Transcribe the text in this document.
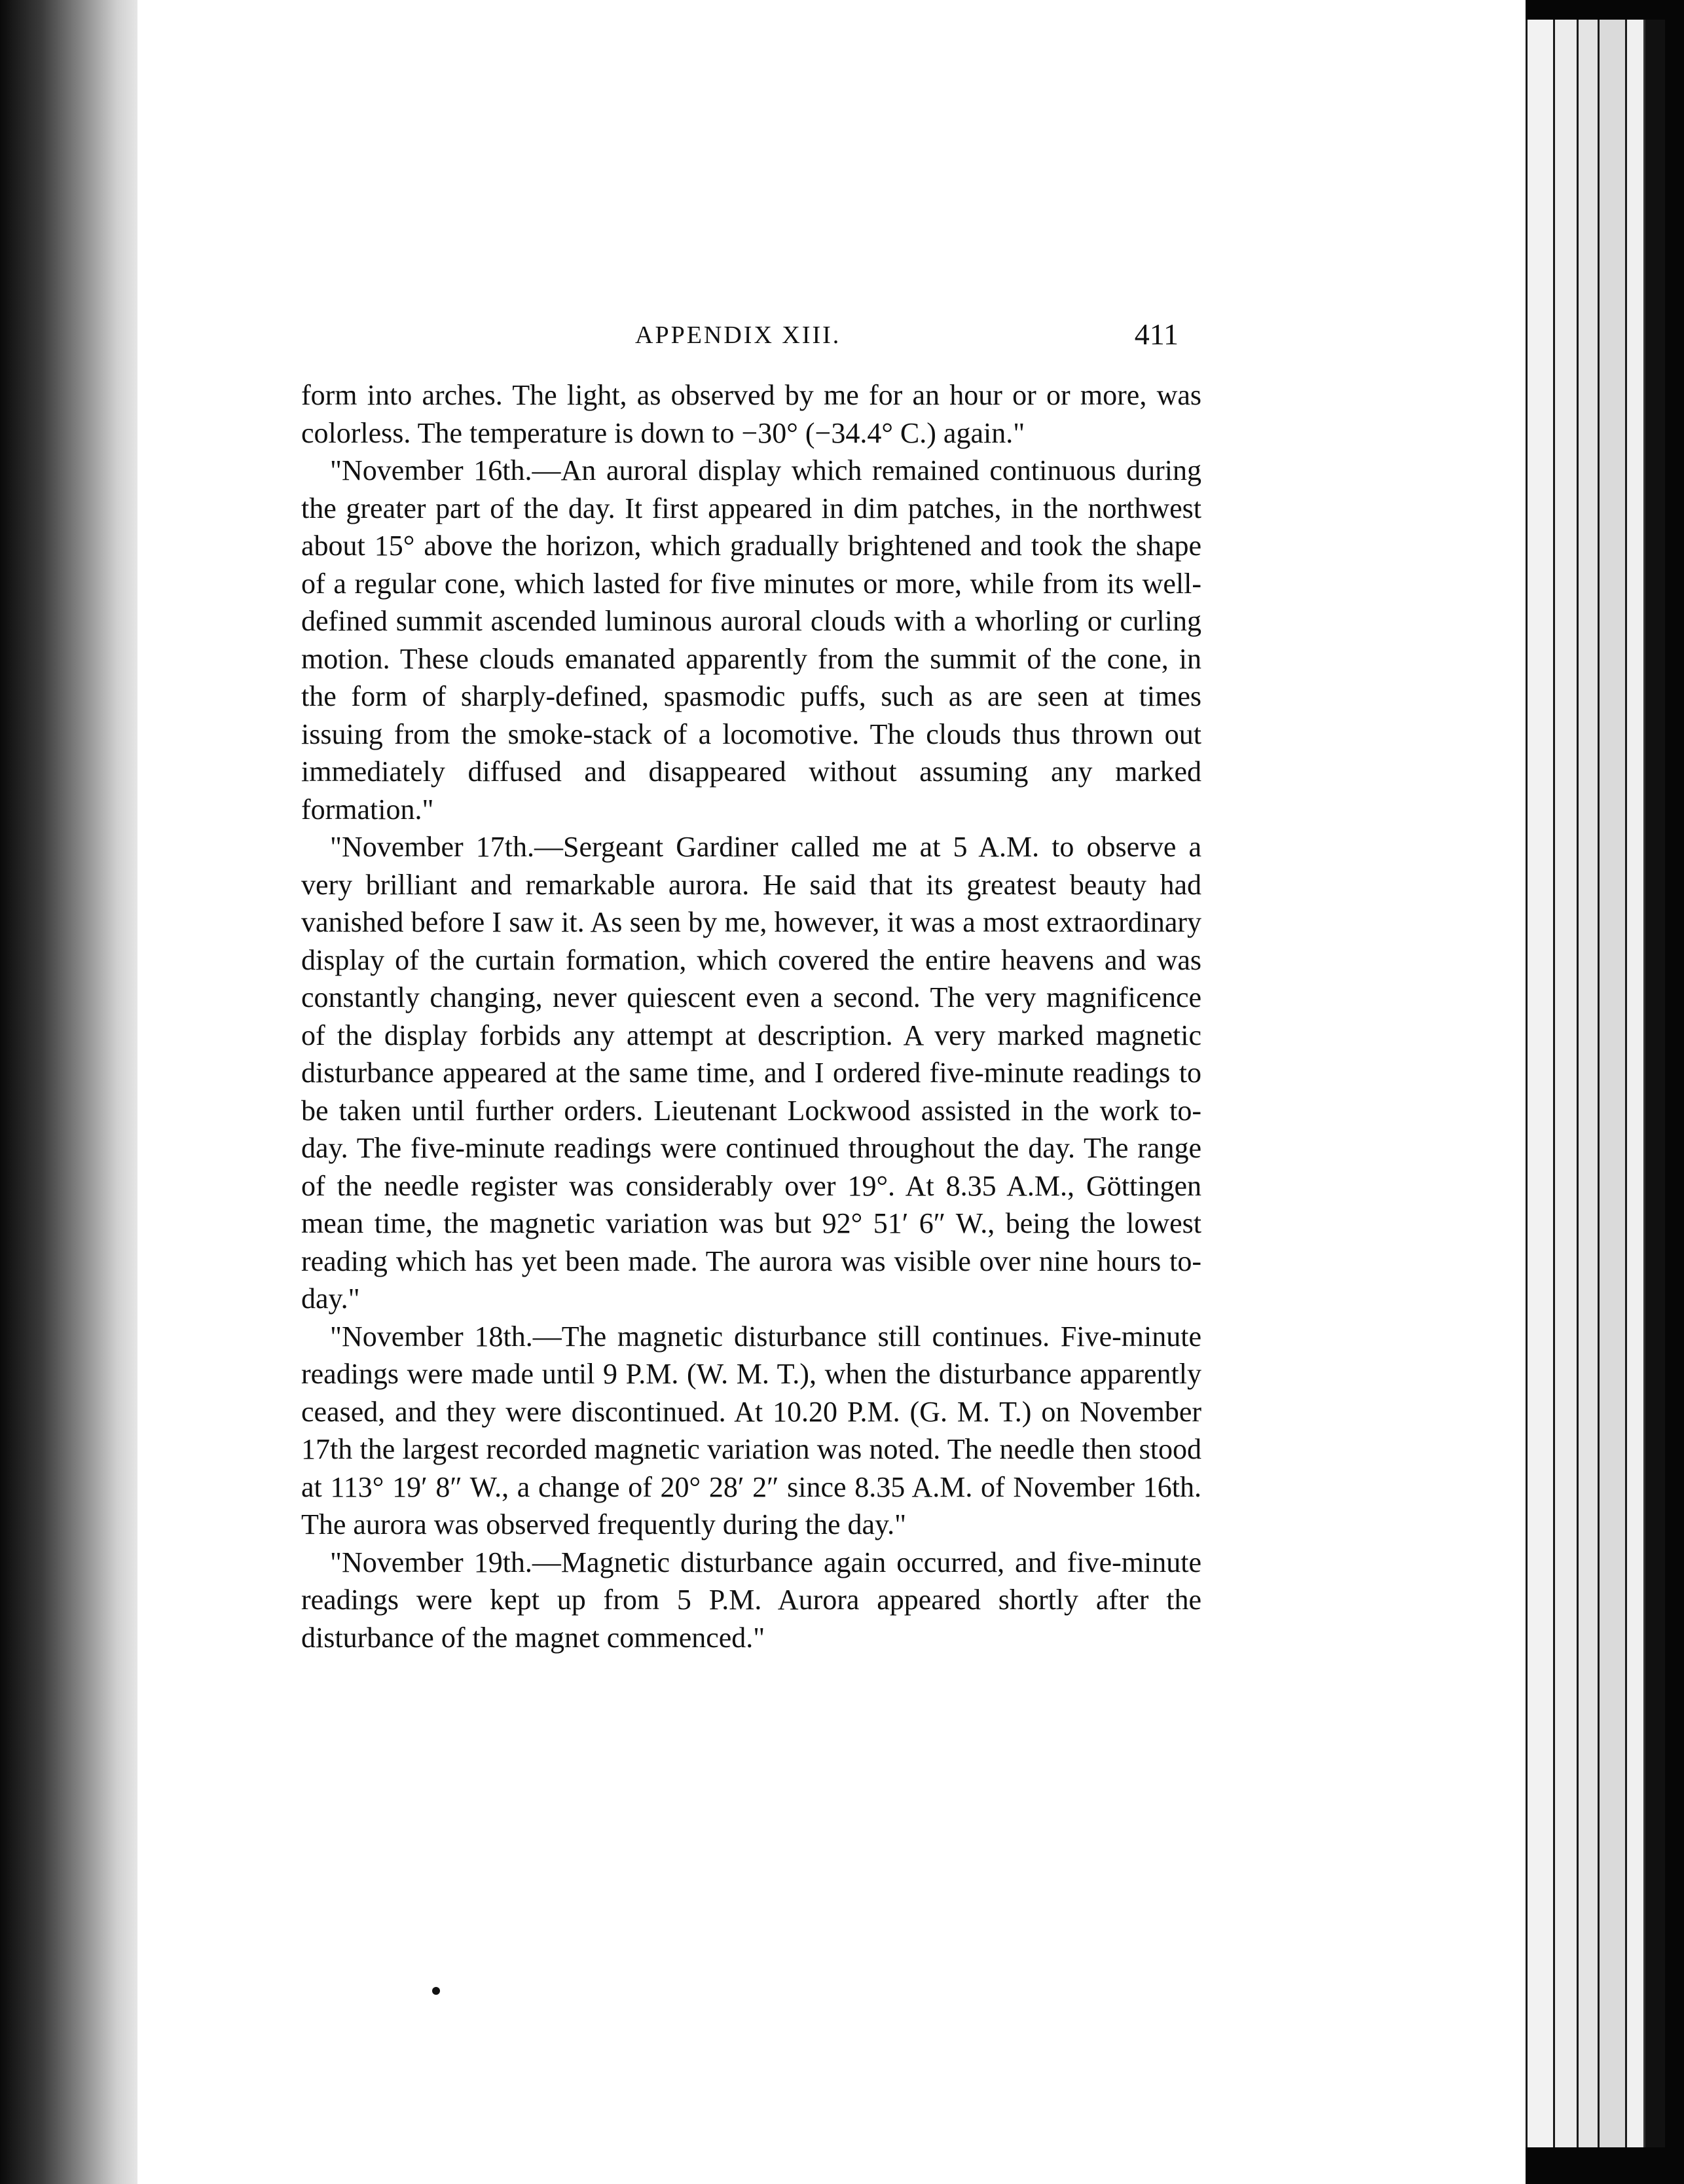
APPENDIX XIII.	411

form into arches. The light, as observed by me for an hour or or more, was colorless. The temperature is down to −30° (−34.4° C.) again."

"November 16th.—An auroral display which remained continuous during the greater part of the day. It first appeared in dim patches, in the northwest about 15° above the horizon, which gradually brightened and took the shape of a regular cone, which lasted for five minutes or more, while from its well-defined summit ascended luminous auroral clouds with a whorling or curling motion. These clouds emanated apparently from the summit of the cone, in the form of sharply-defined, spasmodic puffs, such as are seen at times issuing from the smoke-stack of a locomotive. The clouds thus thrown out immediately diffused and disappeared without assuming any marked formation."

"November 17th.—Sergeant Gardiner called me at 5 A.M. to observe a very brilliant and remarkable aurora. He said that its greatest beauty had vanished before I saw it. As seen by me, however, it was a most extraordinary display of the curtain formation, which covered the entire heavens and was constantly changing, never quiescent even a second. The very magnificence of the display forbids any attempt at description. A very marked magnetic disturbance appeared at the same time, and I ordered five-minute readings to be taken until further orders. Lieutenant Lockwood assisted in the work to-day. The five-minute readings were continued throughout the day. The range of the needle register was considerably over 19°. At 8.35 A.M., Göttingen mean time, the magnetic variation was but 92° 51′ 6″ W., being the lowest reading which has yet been made. The aurora was visible over nine hours to-day."

"November 18th.—The magnetic disturbance still continues. Five-minute readings were made until 9 P.M. (W. M. T.), when the disturbance apparently ceased, and they were discontinued. At 10.20 P.M. (G. M. T.) on November 17th the largest recorded magnetic variation was noted. The needle then stood at 113° 19′ 8″ W., a change of 20° 28′ 2″ since 8.35 A.M. of November 16th. The aurora was observed frequently during the day."

"November 19th.—Magnetic disturbance again occurred, and five-minute readings were kept up from 5 P.M. Aurora appeared shortly after the disturbance of the magnet commenced."
